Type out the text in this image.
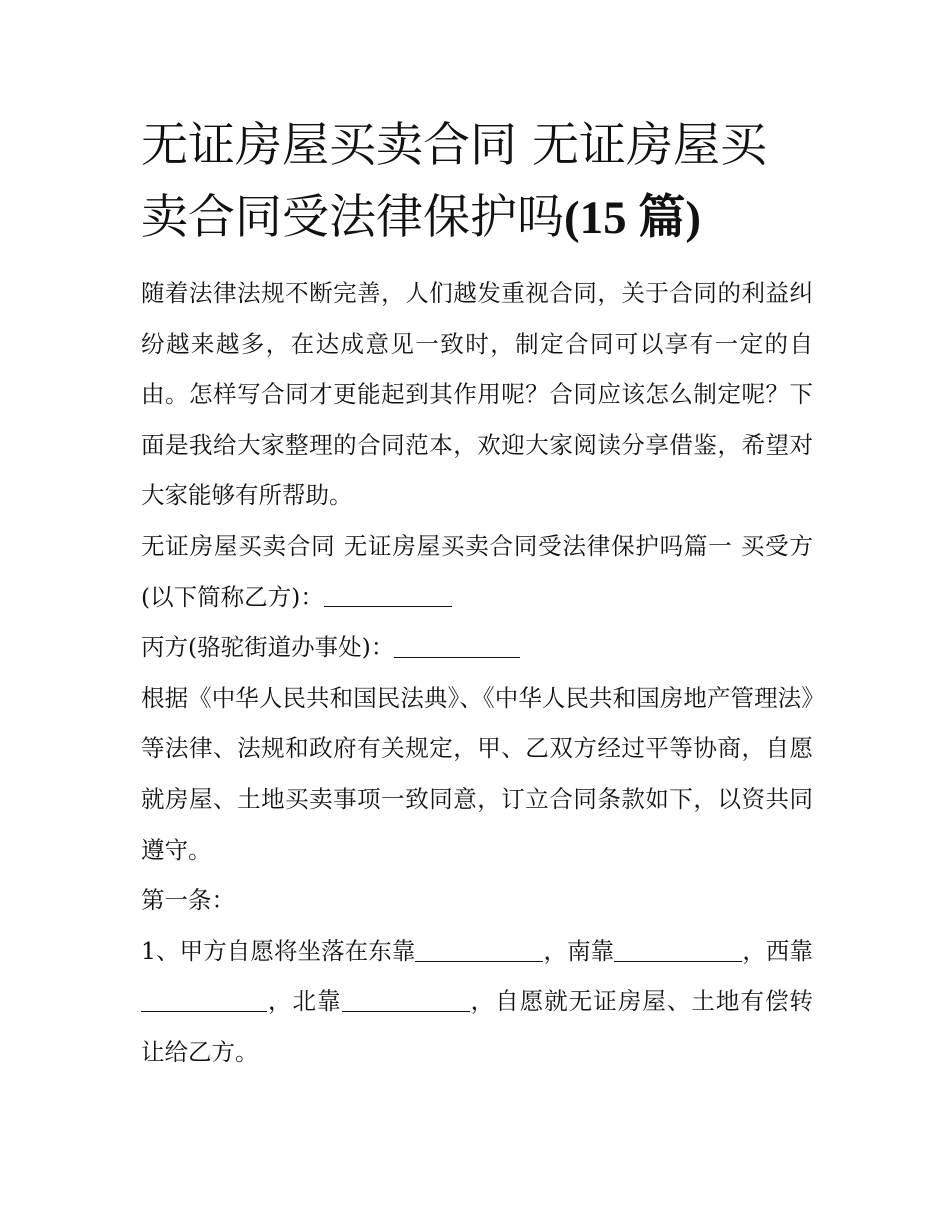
无证房屋买卖合同 无证房屋买卖合同受法律保护吗(15 篇)

随着法律法规不断完善，人们越发重视合同，关于合同的利益纠纷越来越多，在达成意见一致时，制定合同可以享有一定的自由。怎样写合同才更能起到其作用呢？合同应该怎么制定呢？下面是我给大家整理的合同范本，欢迎大家阅读分享借鉴，希望对大家能够有所帮助。

无证房屋买卖合同 无证房屋买卖合同受法律保护吗篇一 买受方(以下简称乙方)：

丙方(骆驼街道办事处)：

根据《中华人民共和国民法典》、《中华人民共和国房地产管理法》等法律、法规和政府有关规定，甲、乙双方经过平等协商，自愿就房屋、土地买卖事项一致同意，订立合同条款如下，以资共同遵守。

第一条：

1、甲方自愿将坐落在东靠	，南靠	，西靠，北靠	，自愿就无证房屋、土地有偿转让给乙方。
